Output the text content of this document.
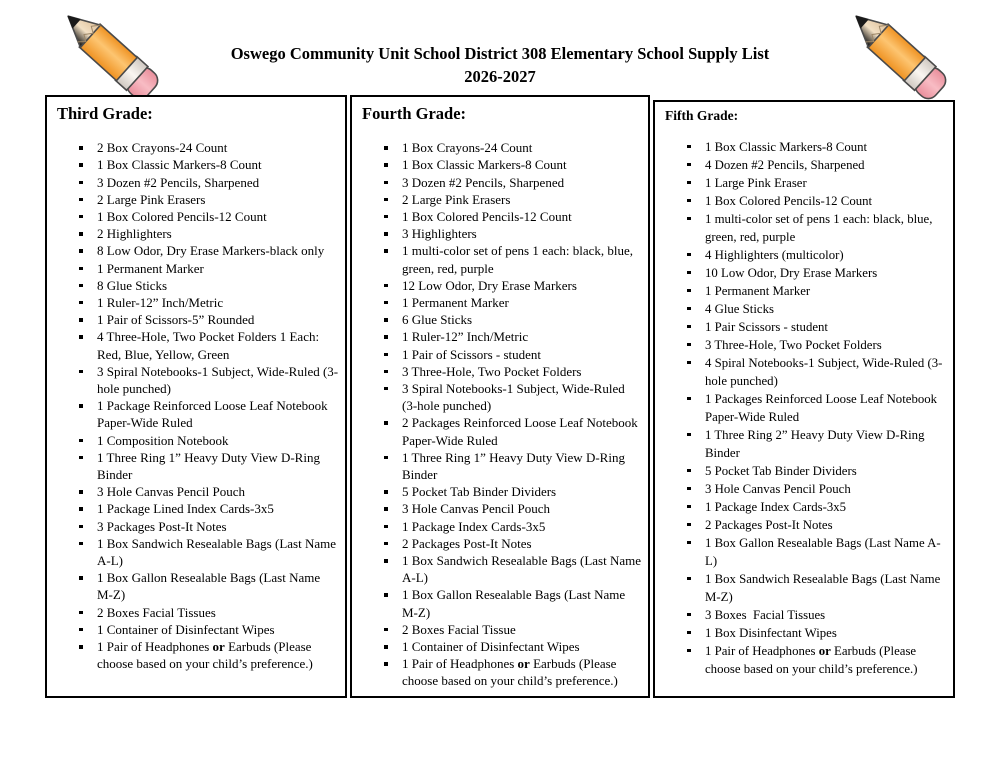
Oswego Community Unit School District 308 Elementary School Supply List
2026-2027
Third Grade:
2 Box Crayons-24 Count
1 Box Classic Markers-8 Count
3 Dozen #2 Pencils, Sharpened
2 Large Pink Erasers
1 Box Colored Pencils-12 Count
2 Highlighters
8 Low Odor, Dry Erase Markers-black only
1 Permanent Marker
8 Glue Sticks
1 Ruler-12” Inch/Metric
1 Pair of Scissors-5” Rounded
4 Three-Hole, Two Pocket Folders 1 Each: Red, Blue, Yellow, Green
3 Spiral Notebooks-1 Subject, Wide-Ruled (3-hole punched)
1 Package Reinforced Loose Leaf Notebook Paper-Wide Ruled
1 Composition Notebook
1 Three Ring 1” Heavy Duty View D-Ring Binder
3 Hole Canvas Pencil Pouch
1 Package Lined Index Cards-3x5
3 Packages Post-It Notes
1 Box Sandwich Resealable Bags (Last Name A-L)
1 Box Gallon Resealable Bags (Last Name M-Z)
2 Boxes Facial Tissues
1 Container of Disinfectant Wipes
1 Pair of Headphones or Earbuds (Please choose based on your child’s preference.)
Fourth Grade:
1 Box Crayons-24 Count
1 Box Classic Markers-8 Count
3 Dozen #2 Pencils, Sharpened
2 Large Pink Erasers
1 Box Colored Pencils-12 Count
3 Highlighters
1 multi-color set of pens 1 each: black, blue, green, red, purple
12 Low Odor, Dry Erase Markers
1 Permanent Marker
6 Glue Sticks
1 Ruler-12” Inch/Metric
1 Pair of Scissors - student
3 Three-Hole, Two Pocket Folders
3 Spiral Notebooks-1 Subject, Wide-Ruled (3-hole punched)
2 Packages Reinforced Loose Leaf Notebook Paper-Wide Ruled
1 Three Ring 1” Heavy Duty View D-Ring Binder
5 Pocket Tab Binder Dividers
3 Hole Canvas Pencil Pouch
1 Package Index Cards-3x5
2 Packages Post-It Notes
1 Box Sandwich Resealable Bags (Last Name A-L)
1 Box Gallon Resealable Bags (Last Name M-Z)
2 Boxes Facial Tissue
1 Container of Disinfectant Wipes
1 Pair of Headphones or Earbuds (Please choose based on your child’s preference.)
Fifth Grade:
1 Box Classic Markers-8 Count
4 Dozen #2 Pencils, Sharpened
1 Large Pink Eraser
1 Box Colored Pencils-12 Count
1 multi-color set of pens 1 each: black, blue, green, red, purple
4 Highlighters (multicolor)
10 Low Odor, Dry Erase Markers
1 Permanent Marker
4 Glue Sticks
1 Pair Scissors - student
3 Three-Hole, Two Pocket Folders
4 Spiral Notebooks-1 Subject, Wide-Ruled (3-hole punched)
1 Packages Reinforced Loose Leaf Notebook Paper-Wide Ruled
1 Three Ring 2” Heavy Duty View D-Ring Binder
5 Pocket Tab Binder Dividers
3 Hole Canvas Pencil Pouch
1 Package Index Cards-3x5
2 Packages Post-It Notes
1 Box Gallon Resealable Bags (Last Name A-L)
1 Box Sandwich Resealable Bags (Last Name M-Z)
3 Boxes  Facial Tissues
1 Box Disinfectant Wipes
1 Pair of Headphones or Earbuds (Please choose based on your child’s preference.)
